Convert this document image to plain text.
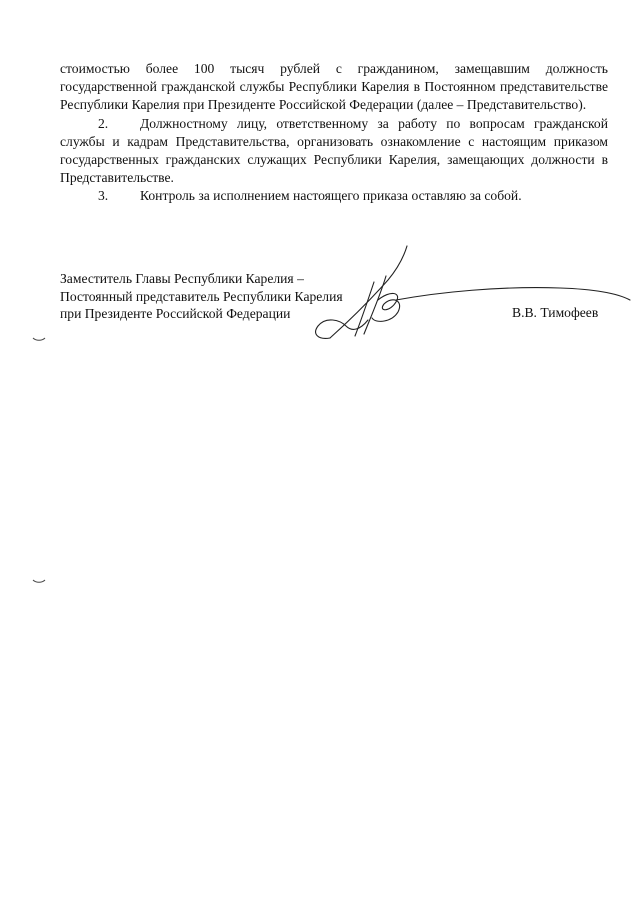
стоимостью более 100 тысяч рублей с гражданином, замещавшим должность государственной гражданской службы Республики Карелия в Постоянном представительстве Республики Карелия при Президенте Российской Федерации (далее – Представительство).

2. Должностному лицу, ответственному за работу по вопросам гражданской службы и кадрам Представительства, организовать ознакомление с настоящим приказом государственных гражданских служащих Республики Карелия, замещающих должности в Представительстве.

3. Контроль за исполнением настоящего приказа оставляю за собой.

Заместитель Главы Республики Карелия –
Постоянный представитель Республики Карелия
при Президенте Российской Федерации	В.В. Тимофеев
